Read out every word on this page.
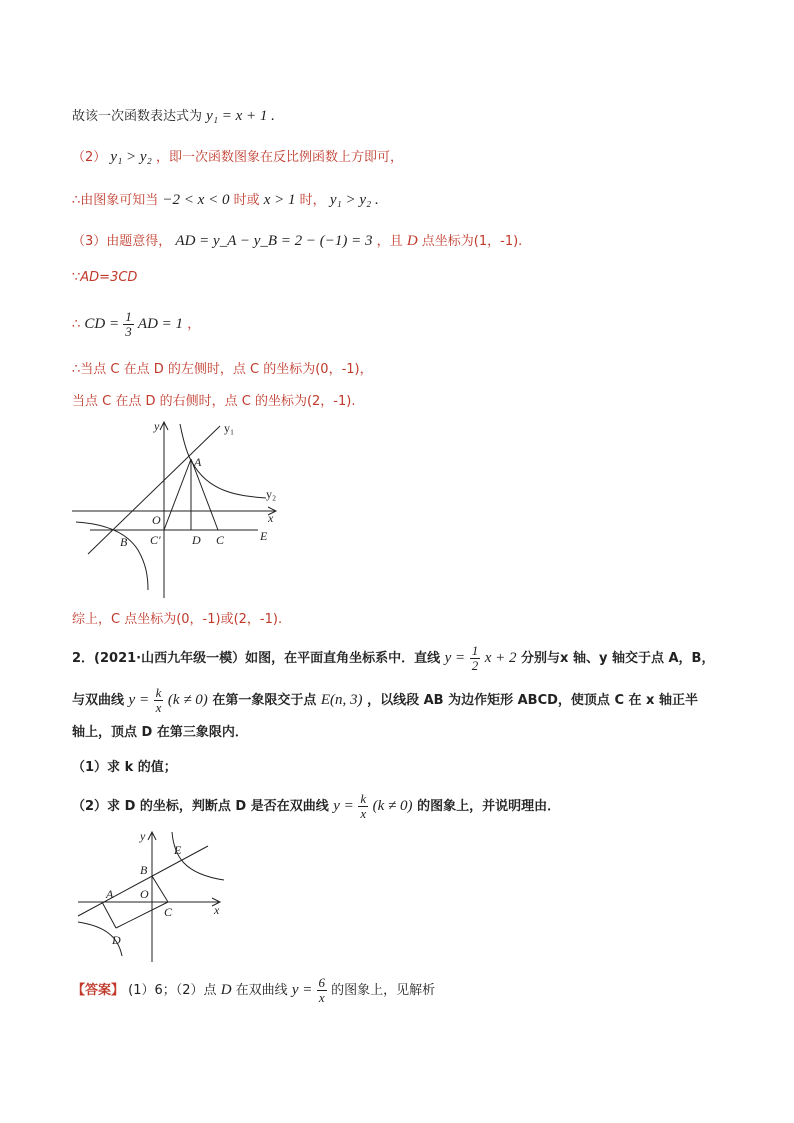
故该一次函数表达式为 y₁ = x + 1 .
（2） y₁ > y₂ ，即一次函数图象在反比例函数上方即可，
∴由图象可知当 −2 < x < 0 时或 x > 1 时， y₁ > y₂ .
（3）由题意得， AD = y_A − y_B = 2 − (−1) = 3 ，且 D 点坐标为(1，-1).
∵AD=3CD
∴ CD = $\frac{1}{3}$ AD = 1 ，
∴当点 C 在点 D 的左侧时，点 C 的坐标为(0，-1)，
当点 C 在点 D 的右侧时，点 C 的坐标为(2，-1).
y
x
y₁
y₂
A
O
B C′	D C	E
综上，C 点坐标为(0，-1)或(2，-1).
2．(2021·山西九年级一模）如图，在平面直角坐标系中．直线 $y = \frac{1}{2}$ x + 2 分别与x 轴、y 轴交于点 A，B，
与双曲线 $y = \frac{k}{x} (k \ne 0)$ 在第一象限交于点 E(n, 3) ，以线段 AB 为边作矩形 ABCD，使顶点 C 在 x 轴正半
轴上，顶点 D 在第三象限内．
（1）求 k 的值；
（2）求 D 的坐标，判断点 D 是否在双曲线 $y = \frac{k}{x} (k \ne 0)$ 的图象上，并说明理由．
y
x
E
B
A O
C
D
【答案】 (1）6；（2）点 D 在双曲线 $y = \frac{6}{x}$ 的图象上，见解析
